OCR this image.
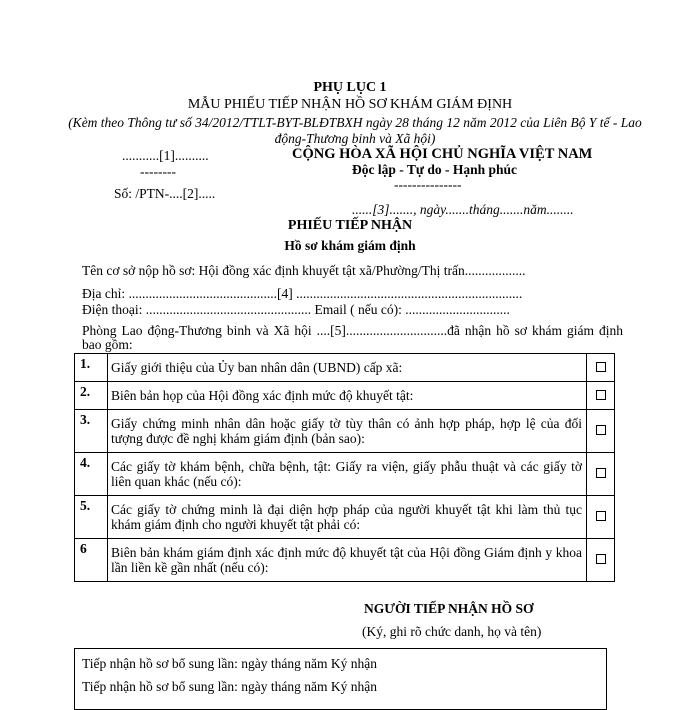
PHỤ LỤC 1
MẪU PHIẾU TIẾP NHẬN HỒ SƠ KHÁM GIÁM ĐỊNH
(Kèm theo Thông tư số 34/2012/TTLT-BYT-BLĐTBXH ngày 28 tháng 12 năm 2012 của Liên Bộ Y tế - Lao động-Thương binh và Xã hội)
...........[1]..........
--------
Số: /PTN-....[2].....
CỘNG HÒA XÃ HỘI CHỦ NGHĨA VIỆT NAM
Độc lập - Tự do - Hạnh phúc
---------------
......[3]......., ngày.......tháng.......năm........
PHIẾU TIẾP NHẬN
Hồ sơ khám giám định
Tên cơ sở nộp hồ sơ: Hội đồng xác định khuyết tật xã/Phường/Thị trấn..................
Địa chỉ: ............................................[4] ...................................................................
Điện thoại: ................................................. Email ( nếu có): ...............................
Phòng Lao động-Thương binh và Xã hội ....[5]..............................đã nhận hồ sơ khám giám định bao gồm:
1.	Giấy giới thiệu của Ủy ban nhân dân (UBND) cấp xã:	
2.	Biên bản họp của Hội đồng xác định mức độ khuyết tật:	
3.	Giấy chứng minh nhân dân hoặc giấy tờ tùy thân có ảnh hợp pháp, hợp lệ của đối tượng được đề nghị khám giám định (bản sao):	
4.	Các giấy tờ khám bệnh, chữa bệnh, tật: Giấy ra viện, giấy phẫu thuật và các giấy tờ liên quan khác (nếu có):	
5.	Các giấy tờ chứng minh là đại diện hợp pháp của người khuyết tật khi làm thủ tục khám giám định cho người khuyết tật phải có:	
6	Biên bản khám giám định xác định mức độ khuyết tật của Hội đồng Giám định y khoa lần liền kề gần nhất (nếu có):	
NGƯỜI TIẾP NHẬN HỒ SƠ
(Ký, ghi rõ chức danh, họ và tên)
Tiếp nhận hồ sơ bổ sung lần: ngày tháng năm Ký nhận
Tiếp nhận hồ sơ bổ sung lần: ngày tháng năm Ký nhận
